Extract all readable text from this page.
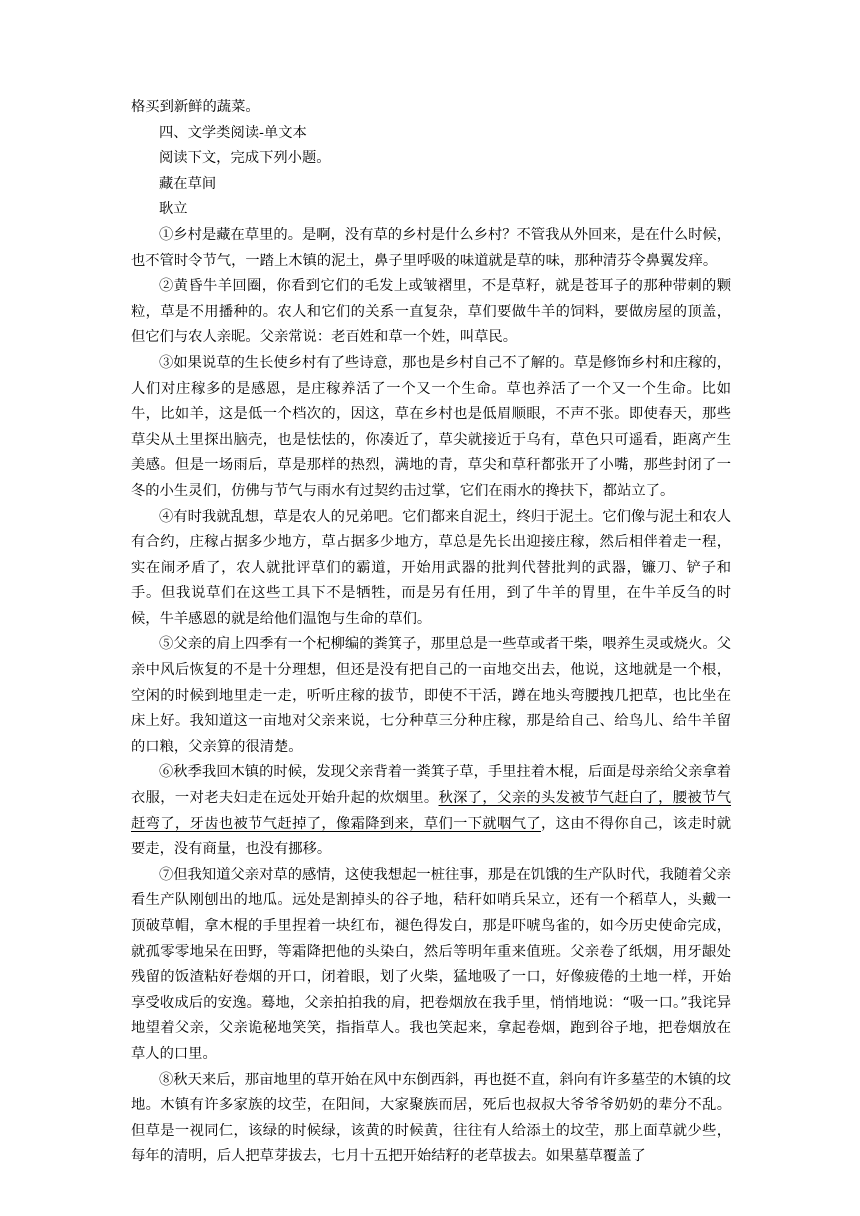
格买到新鲜的蔬菜。

四、文学类阅读-单文本

阅读下文，完成下列小题。

藏在草间

耿立

①乡村是藏在草里的。是啊，没有草的乡村是什么乡村？不管我从外回来，是在什么时候，也不管时令节气，一踏上木镇的泥土，鼻子里呼吸的味道就是草的味，那种清芬令鼻翼发痒。

②黄昏牛羊回圈，你看到它们的毛发上或皱褶里，不是草籽，就是苍耳子的那种带刺的颗粒，草是不用播种的。农人和它们的关系一直复杂，草们要做牛羊的饲料，要做房屋的顶盖，但它们与农人亲昵。父亲常说：老百姓和草一个姓，叫草民。

③如果说草的生长使乡村有了些诗意，那也是乡村自己不了解的。草是修饰乡村和庄稼的，人们对庄稼多的是感恩，是庄稼养活了一个又一个生命。草也养活了一个又一个生命。比如牛，比如羊，这是低一个档次的，因这，草在乡村也是低眉顺眼，不声不张。即使春天，那些草尖从土里探出脑壳，也是怯怯的，你凑近了，草尖就接近于乌有，草色只可遥看，距离产生美感。但是一场雨后，草是那样的热烈，满地的青，草尖和草秆都张开了小嘴，那些封闭了一冬的小生灵们，仿佛与节气与雨水有过契约击过掌，它们在雨水的搀扶下，都站立了。

④有时我就乱想，草是农人的兄弟吧。它们都来自泥土，终归于泥土。它们像与泥土和农人有合约，庄稼占据多少地方，草占据多少地方，草总是先长出迎接庄稼，然后相伴着走一程，实在闹矛盾了，农人就批评草们的霸道，开始用武器的批判代替批判的武器，镰刀、铲子和手。但我说草们在这些工具下不是牺牲，而是另有任用，到了牛羊的胃里，在牛羊反刍的时候，牛羊感恩的就是给他们温饱与生命的草们。

⑤父亲的肩上四季有一个杞柳编的粪箕子，那里总是一些草或者干柴，喂养生灵或烧火。父亲中风后恢复的不是十分理想，但还是没有把自己的一亩地交出去，他说，这地就是一个根，空闲的时候到地里走一走，听听庄稼的拔节，即使不干活，蹲在地头弯腰拽几把草，也比坐在床上好。我知道这一亩地对父亲来说，七分种草三分种庄稼，那是给自己、给鸟儿、给牛羊留的口粮，父亲算的很清楚。

⑥秋季我回木镇的时候，发现父亲背着一粪箕子草，手里拄着木棍，后面是母亲给父亲拿着衣服，一对老夫妇走在远处开始升起的炊烟里。秋深了，父亲的头发被节气赶白了，腰被节气赶弯了，牙齿也被节气赶掉了，像霜降到来，草们一下就咽气了，这由不得你自己，该走时就要走，没有商量，也没有挪移。

⑦但我知道父亲对草的感情，这使我想起一桩往事，那是在饥饿的生产队时代，我随着父亲看生产队刚刨出的地瓜。远处是割掉头的谷子地，秸秆如哨兵呆立，还有一个稻草人，头戴一顶破草帽，拿木棍的手里捏着一块红布，褪色得发白，那是吓唬鸟雀的，如今历史使命完成，就孤零零地呆在田野，等霜降把他的头染白，然后等明年重来值班。父亲卷了纸烟，用牙龈处残留的饭渣粘好卷烟的开口，闭着眼，划了火柴，猛地吸了一口，好像疲倦的土地一样，开始享受收成后的安逸。蓦地，父亲拍拍我的肩，把卷烟放在我手里，悄悄地说：“吸一口。”我诧异地望着父亲，父亲诡秘地笑笑，指指草人。我也笑起来，拿起卷烟，跑到谷子地，把卷烟放在草人的口里。

⑧秋天来后，那亩地里的草开始在风中东倒西斜，再也挺不直，斜向有许多墓茔的木镇的坟地。木镇有许多家族的坟茔，在阳间，大家聚族而居，死后也叔叔大爷爷爷奶奶的辈分不乱。但草是一视同仁，该绿的时候绿，该黄的时候黄，往往有人给添土的坟茔，那上面草就少些，每年的清明，后人把草芽拔去，七月十五把开始结籽的老草拔去。如果墓草覆盖了
